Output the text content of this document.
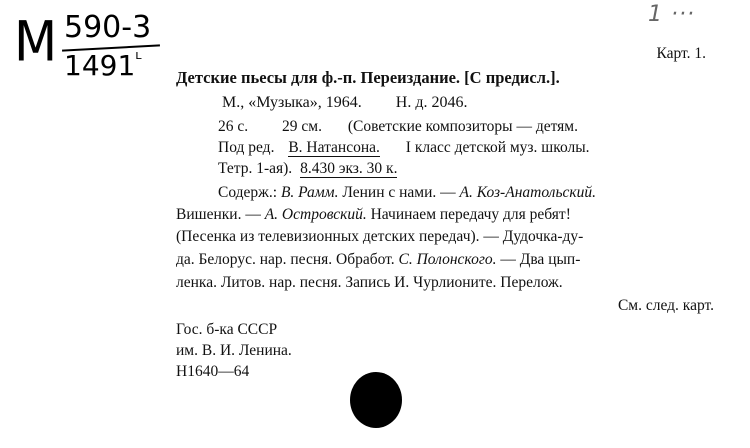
М 590-3
$1491^ᴸ$
1 ···
Карт. 1.
Детские пьесы для ф.-п. Переиздание. [С предисл.].
М., «Музыка», 1964. Н. д. 2046.
26 с. 29 см. (Советские композиторы — детям.
Под ред. В. Натансона. I класс детской муз. школы.
Тетр. 1-ая). 8.430 экз. 30 к.
Содерж.: В. Рамм. Ленин с нами. — А. Коз-Анатольский.
Вишенки. — А. Островский. Начинаем передачу для ребят!
(Песенка из телевизионных детских передач). — Дудочка-ду-
да. Белорус. нар. песня. Обработ. С. Полонского. — Два цып-
ленка. Литов. нар. песня. Запись И. Чурлионите. Перелож.
См. след. карт.
Гос. б-ка СССР
им. В. И. Ленина.
Н1640—64
